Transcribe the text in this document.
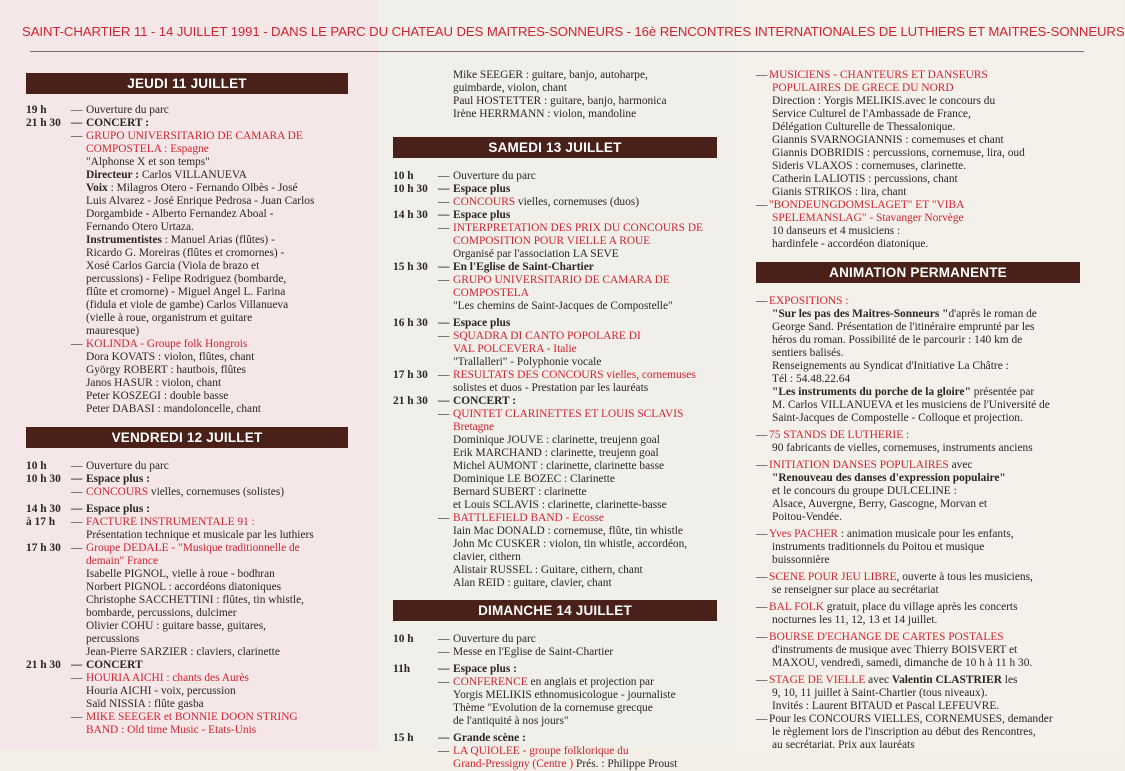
SAINT-CHARTIER 11 - 14 JUILLET 1991 - DANS LE PARC DU CHATEAU DES MAITRES-SONNEURS - 16è RENCONTRES INTERNATIONALES DE LUTHIERS ET MAITRES-SONNEURS
JEUDI 11 JUILLET
19 h	— Ouverture du parc
21 h 30 — CONCERT :
— GRUPO UNIVERSITARIO DE CAMARA DE
COMPOSTELA : Espagne
"Alphonse X et son temps"
Directeur : Carlos VILLANUEVA
Voix : Milagros Otero - Fernando Olbès - José
Luis Alvarez - José Enrique Pedrosa - Juan Carlos
Dorgambide - Alberto Fernandez Aboal -
Fernando Otero Urtaza.
Instrumentistes : Manuel Arias (flûtes) -
Ricardo G. Moreiras (flûtes et cromornes) -
Xosé Carlos Garcia (Viola de brazo et
percussions) - Felipe Rodriguez (bombarde,
flûte et cromorne) - Miguel Angel L. Farina
(fidula et viole de gambe) Carlos Villanueva
(vielle à roue, organistrum et guitare
mauresque)
— KOLINDA - Groupe folk Hongrois
Dora KOVATS : violon, flûtes, chant
György ROBERT : hautbois, flûtes
Janos HASUR : violon, chant
Peter KOSZEGI : double basse
Peter DABASI : mandoloncelle, chant
VENDREDI 12 JUILLET
10 h	— Ouverture du parc
10 h 30 — Espace plus :
— CONCOURS vielles, cornemuses (solistes)
14 h 30 — Espace plus :
à 17 h	— FACTURE INSTRUMENTALE 91 :
Présentation technique et musicale par les luthiers
17 h 30 — Groupe DEDALE - "Musique traditionnelle de
demain" France
Isabelle PIGNOL, vielle à roue - bodhran
Norbert PIGNOL : accordéons diatoniques
Christophe SACCHETTINI : flûtes, tin whistle,
bombarde, percussions, dulcimer
Olivier COHU : guitare basse, guitares,
percussions
Jean-Pierre SARZIER : claviers, clarinette
21 h 30 — CONCERT
— HOURIA AICHI : chants des Aurès
Houria AICHI - voix, percussion
Saïd NISSIA : flûte gasba
— MIKE SEEGER et BONNIE DOON STRING
BAND : Old time Music - Etats-Unis
Mike SEEGER : guitare, banjo, autoharpe,
guimbarde, violon, chant
Paul HOSTETTER : guitare, banjo, harmonica
Irène HERRMANN : violon, mandoline
SAMEDI 13 JUILLET
10 h	— Ouverture du parc
10 h 30 — Espace plus
— CONCOURS vielles, cornemuses (duos)
14 h 30 — Espace plus
— INTERPRETATION DES PRIX DU CONCOURS DE
COMPOSITION POUR VIELLE A ROUE
Organisé par l'association LA SEVE
15 h 30 — En l'Eglise de Saint-Chartier
— GRUPO UNIVERSITARIO DE CAMARA DE
COMPOSTELA
"Les chemins de Saint-Jacques de Compostelle"
16 h 30 — Espace plus
— SQUADRA DI CANTO POPOLARE DI
VAL POLCEVERA - Italie
"Trallalleri" - Polyphonie vocale
17 h 30 — RESULTATS DES CONCOURS vielles, cornemuses
solistes et duos - Prestation par les lauréats
21 h 30 — CONCERT :
— QUINTET CLARINETTES ET LOUIS SCLAVIS
Bretagne
Dominique JOUVE : clarinette, treujenn goal
Erik MARCHAND : clarinette, treujenn goal
Michel AUMONT : clarinette, clarinette basse
Dominique LE BOZEC : Clarinette
Bernard SUBERT : clarinette
et Louis SCLAVIS : clarinette, clarinette-basse
— BATTLEFIELD BAND - Ecosse
Iain Mac DONALD : cornemuse, flûte, tin whistle
John Mc CUSKER : violon, tin whistle, accordéon,
clavier, cithern
Alistair RUSSEL : Guitare, cithern, chant
Alan REID : guitare, clavier, chant
DIMANCHE 14 JUILLET
10 h	— Ouverture du parc
— Messe en l'Eglise de Saint-Chartier
11h	— Espace plus :
— CONFERENCE en anglais et projection par
Yorgis MELIKIS ethnomusicologue - journaliste
Thème "Evolution de la cornemuse grecque
de l'antiquité à nos jours"
15 h	— Grande scène :
— LA QUIOLEE - groupe folklorique du
Grand-Pressigny (Centre ) Prés. : Philippe Proust
— MUSICIENS - CHANTEURS ET DANSEURS
POPULAIRES DE GRECE DU NORD
Direction : Yorgis MELIKIS.avec le concours du
Service Culturel de l'Ambassade de France,
Délégation Culturelle de Thessalonique.
Giannis SVARNOGIANNIS : cornemuses et chant
Giannis DOBRIDIS : percussions, cornemuse, lira, oud
Sideris VLAXOS : cornemuses, clarinette.
Catherin LALIOTIS : percussions, chant
Gianis STRIKOS : lira, chant
— "BONDEUNGDOMSLAGET" ET "VIBA
SPELEMANSLAG" - Stavanger Norvège
10 danseurs et 4 musiciens :
hardinfele - accordéon diatonique.
ANIMATION PERMANENTE
— EXPOSITIONS :
"Sur les pas des Maitres-Sonneurs "d'après le roman de
George Sand. Présentation de l'itinéraire emprunté par les
héros du roman. Possibilité de le parcourir : 140 km de
sentiers balisés.
Renseignements au Syndicat d'Initiative La Châtre :
Tél : 54.48.22.64
"Les instruments du porche de la gloire" présentée par
M. Carlos VILLANUEVA et les musiciens de l'Université de
Saint-Jacques de Compostelle - Colloque et projection.
— 75 STANDS DE LUTHERIE :
90 fabricants de vielles, cornemuses, instruments anciens
— INITIATION DANSES POPULAIRES avec
"Renouveau des danses d'expression populaire"
et le concours du groupe DULCELINE :
Alsace, Auvergne, Berry, Gascogne, Morvan et
Poitou-Vendée.
— Yves PACHER : animation musicale pour les enfants,
instruments traditionnels du Poitou et musique
buissonnière
— SCENE POUR JEU LIBRE, ouverte à tous les musiciens,
se renseigner sur place au secrétariat
— BAL FOLK gratuit, place du village après les concerts
nocturnes les 11, 12, 13 et 14 juillet.
— BOURSE D'ECHANGE DE CARTES POSTALES
d'instruments de musique avec Thierry BOISVERT et
MAXOU, vendredi, samedi, dimanche de 10 h à 11 h 30.
— STAGE DE VIELLE avec Valentin CLASTRIER les
9, 10, 11 juillet à Saint-Chartier (tous niveaux).
Invités : Laurent BITAUD et Pascal LEFEUVRE.
— Pour les CONCOURS VIELLES, CORNEMUSES, demander
le règlement lors de l'inscription au début des Rencontres,
au secrétariat. Prix aux lauréats
